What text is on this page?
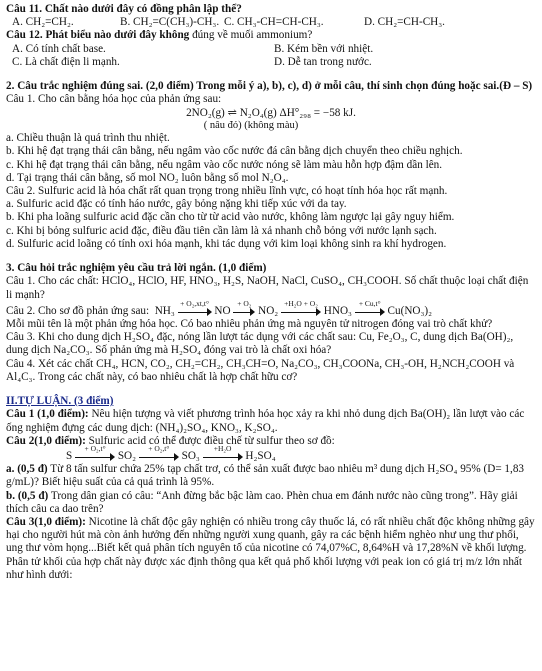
Câu 11. Chất nào dưới đây có đồng phân lập thể?

A. CH₂=CH₂.	B. CH₂=C(CH₃)-CH₃. C. CH₃-CH=CH-CH₃.	D. CH₂=CH-CH₃.

Câu 12. Phát biểu nào dưới đây không đúng về muối ammonium?

A. Có tính chất base.	B. Kém bền với nhiệt.
C. Là chất điện li mạnh.	D. Dễ tan trong nước.

2. Câu trắc nghiệm đúng sai. (2,0 điểm) Trong mỗi ý a), b), c), d) ở mỗi câu, thí sinh chọn đúng hoặc sai.(Đ – S)

Câu 1. Cho cân bằng hóa học của phản ứng sau:

2NO₂(g) ⇌ N₂O₄(g) ΔH°₂₉₈ = −58 kJ.

( nâu đỏ) (không màu)

a. Chiều thuận là quá trình thu nhiệt.

b. Khi hệ đạt trạng thái cân bằng, nếu ngâm vào cốc nước đá cân bằng dịch chuyển theo chiều nghịch.

c. Khi hệ đạt trạng thái cân bằng, nếu ngâm vào cốc nước nóng sẽ làm màu hỗn hợp đậm dần lên.

d. Tại trạng thái cân bằng, số mol NO₂ luôn bằng số mol N₂O₄.

Câu 2. Sulfuric acid là hóa chất rất quan trọng trong nhiều lĩnh vực, có hoạt tính hóa học rất mạnh.

a. Sulfuric acid đặc có tính háo nước, gây bỏng nặng khi tiếp xúc với da tay.

b. Khi pha loãng sulfuric acid đặc cần cho từ từ acid vào nước, không làm ngược lại gây nguy hiểm.

c. Khi bị bỏng sulfuric acid đặc, điều đầu tiên cần làm là xả nhanh chỗ bỏng với nước lạnh sạch.

d. Sulfuric acid loãng có tính oxi hóa mạnh, khi tác dụng với kim loại không sinh ra khí hydrogen.

3. Câu hỏi trắc nghiệm yêu cầu trả lời ngắn. (1,0 điểm)

Câu 1. Cho các chất: HClO₄, HClO, HF, HNO₃, H₂S, NaOH, NaCl, CuSO₄, CH₃COOH. Số chất thuộc loại chất điện li mạnh?

Câu 2. Cho sơ đồ phản ứng sau: NH₃
+ O₂,xt,t°
NO
+ O₂
NO₂
+H₂O + O₂
HNO₃
+ Cu,t°
Cu(NO₃)₂

Mỗi mũi tên là một phản ứng hóa học. Có bao nhiêu phản ứng mà nguyên tử nitrogen đóng vai trò chất khử?

Câu 3. Khi cho dung dịch H₂SO₄ đặc, nóng lần lượt tác dụng với các chất sau: Cu, Fe₂O₃, C, dung dịch Ba(OH)₂, dung dịch Na₂CO₃. Số phản ứng mà H₂SO₄ đóng vai trò là chất oxi hóa?

Câu 4. Xét các chất CH₄, HCN, CO₂, CH₂=CH₂, CH₃CH=O, Na₂CO₃, CH₃COONa, CH₃-OH, H₂NCH₂COOH và Al₄C₃. Trong các chất này, có bao nhiêu chất là hợp chất hữu cơ?

II.TỰ LUẬN. (3 điểm)

Câu 1 (1,0 điểm): Nêu hiện tượng và viết phương trình hóa học xảy ra khi nhỏ dung dịch Ba(OH)₂ lần lượt vào các ống nghiệm đựng các dung dịch: (NH₄)₂SO₄, KNO₃, K₂SO₄.

Câu 2(1,0 điểm): Sulfuric acid có thể được điều chế từ sulfur theo sơ đồ:

S
+ O₂,t°
SO₂
+ O₂,t°
SO₃
+H₂O
H₂SO₄

a. (0,5 đ) Từ 8 tấn sulfur chứa 25% tạp chất trơ, có thể sản xuất được bao nhiêu m³ dung dịch H₂SO₄ 95% (D= 1,83 g/mL)? Biết hiệu suất của cả quá trình là 95%.

b. (0,5 đ) Trong dân gian có câu: “Anh đừng bắc bậc làm cao. Phèn chua em đánh nước nào cũng trong”. Hãy giải thích câu ca dao trên?

Câu 3(1,0 điểm): Nicotine là chất độc gây nghiện có nhiều trong cây thuốc lá, có rất nhiều chất độc không những gây hại cho người hút mà còn ảnh hưởng đến những người xung quanh, gây ra các bệnh hiểm nghèo như ung thư phổi, ung thư vòm họng...Biết kết quả phân tích nguyên tố của nicotine có 74,07%C, 8,64%H và 17,28%N về khối lượng. Phân tử khối của hợp chất này được xác định thông qua kết quả phổ khối lượng với peak ion có giá trị m/z lớn nhất như hình dưới:
